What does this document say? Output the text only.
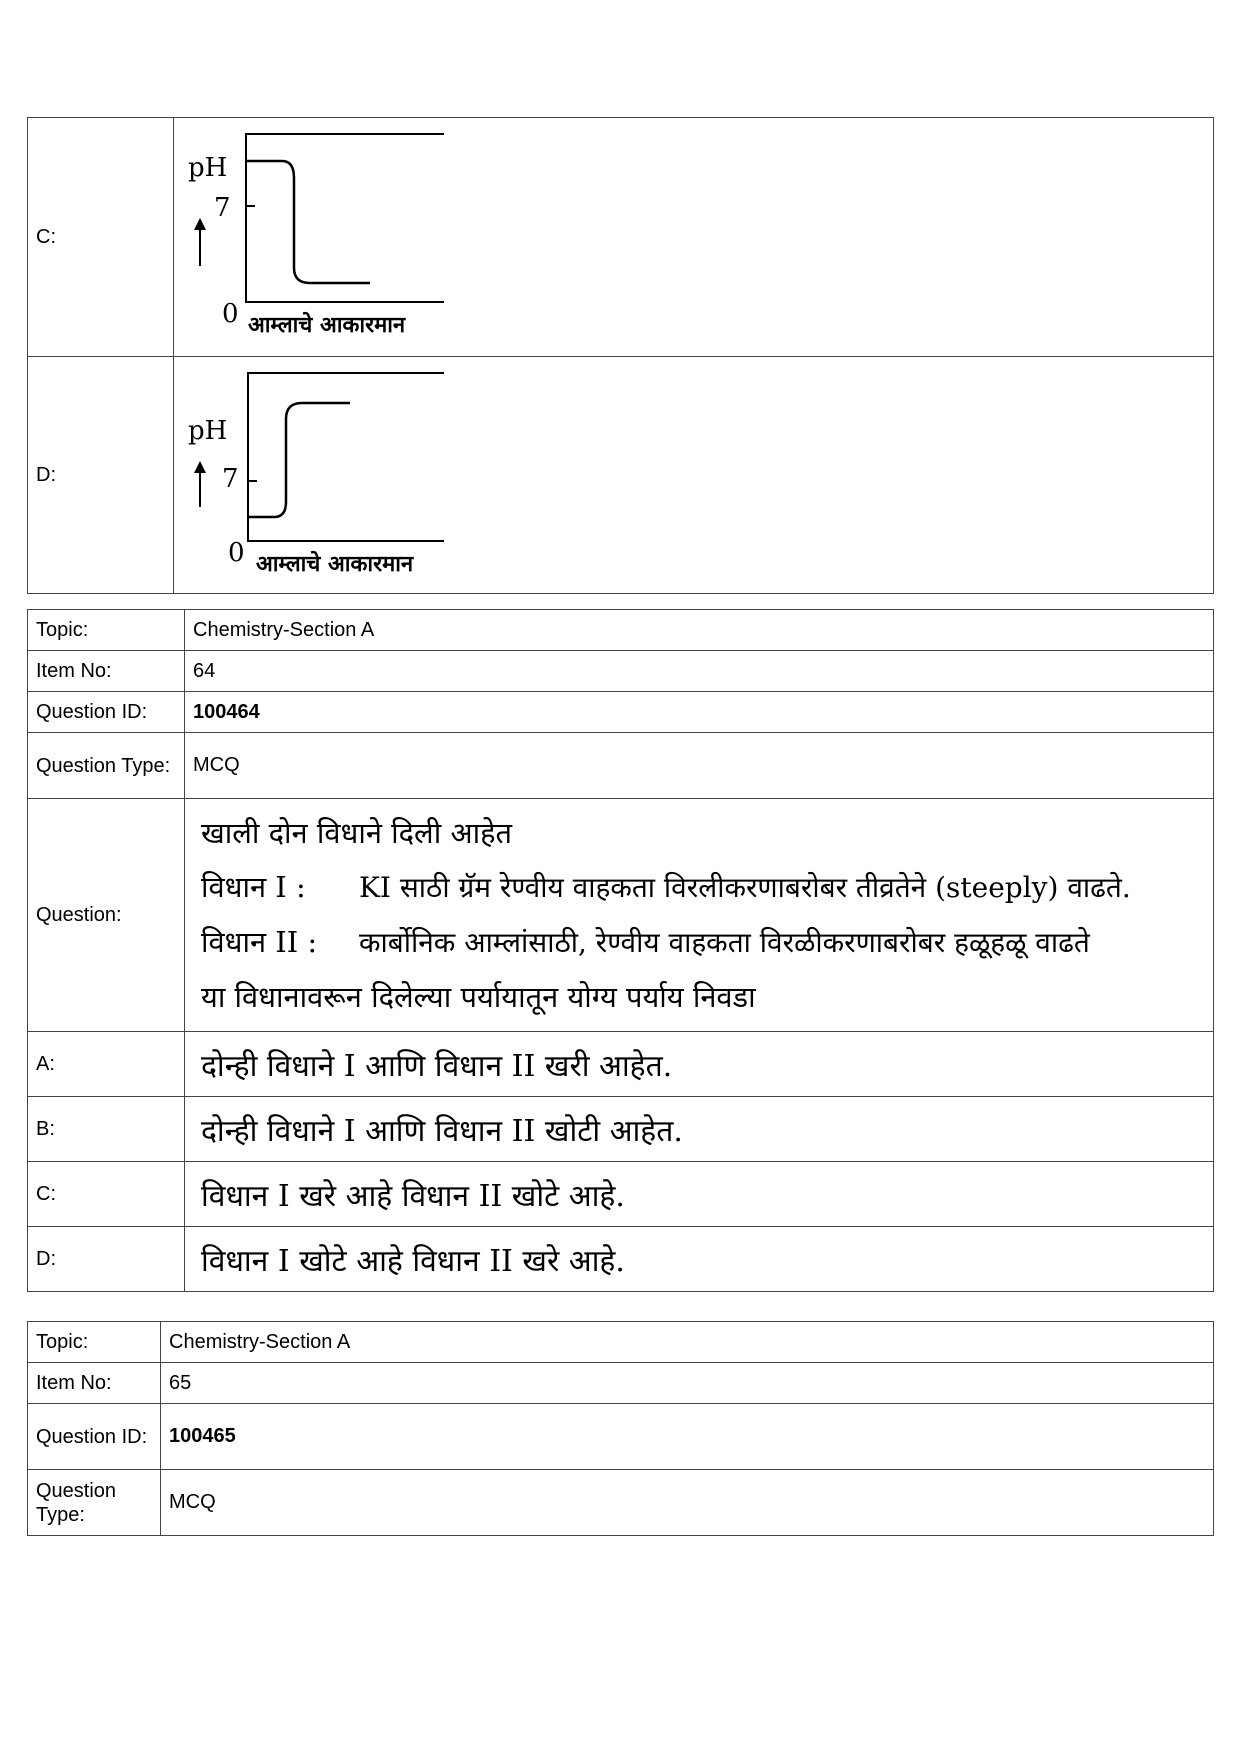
C:	pH
7
0 आम्लाचे आकारमान

D:	pH
7
0 आम्लाचे आकारमान
Topic:	Chemistry-Section A
Item No:	64
Question ID:	100464
Question Type:	MCQ
Question:	खाली दोन विधाने दिली आहेत
विधान I : KI साठी ग्रॅम रेण्वीय वाहकता विरलीकरणाबरोबर तीव्रतेने (steeply) वाढते.
विधान II : कार्बोनिक आम्लांसाठी, रेण्वीय वाहकता विरळीकरणाबरोबर हळूहळू वाढते
या विधानावरून दिलेल्या पर्यायातून योग्य पर्याय निवडा

A:	दोन्ही विधाने I आणि विधान II खरी आहेत.
B:	दोन्ही विधाने I आणि विधान II खोटी आहेत.
C:	विधान I खरे आहे विधान II खोटे आहे.
D:	विधान I खोटे आहे विधान II खरे आहे.
Topic:	Chemistry-Section A
Item No:	65
Question ID:	100465
Question Type:	MCQ
